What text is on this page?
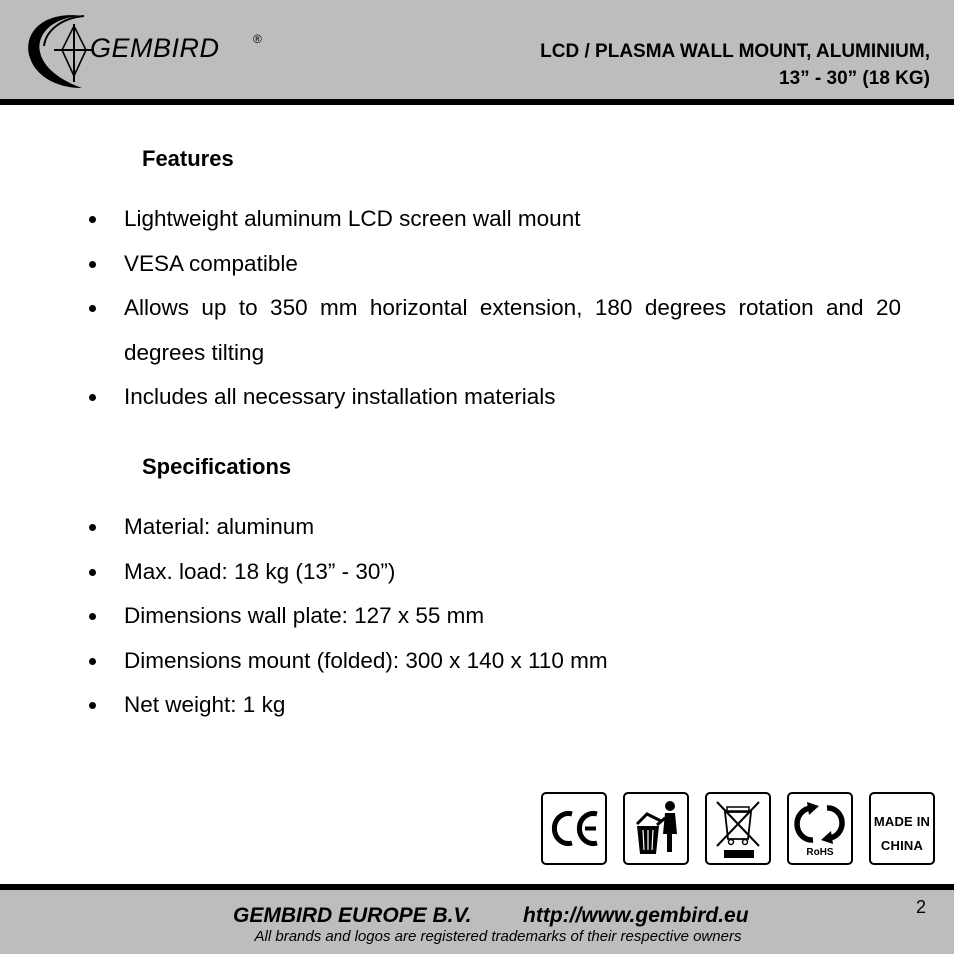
GEMBIRD	®
LCD / PLASMA WALL MOUNT, ALUMINIUM,
13” - 30” (18 KG)
Features
Lightweight aluminum LCD screen wall mount
VESA compatible
Allows up to 350 mm horizontal extension, 180 degrees rotation and 20 degrees tilting
Includes all necessary installation materials
Specifications
Material: aluminum
Max. load: 18 kg (13” - 30”)
Dimensions wall plate: 127 x 55 mm
Dimensions mount (folded): 300 x 140 x 110 mm
Net weight: 1 kg
RoHS
MADE IN
CHINA
GEMBIRD EUROPE B.V. http://www.gembird.eu
All brands and logos are registered trademarks of their respective owners
2
